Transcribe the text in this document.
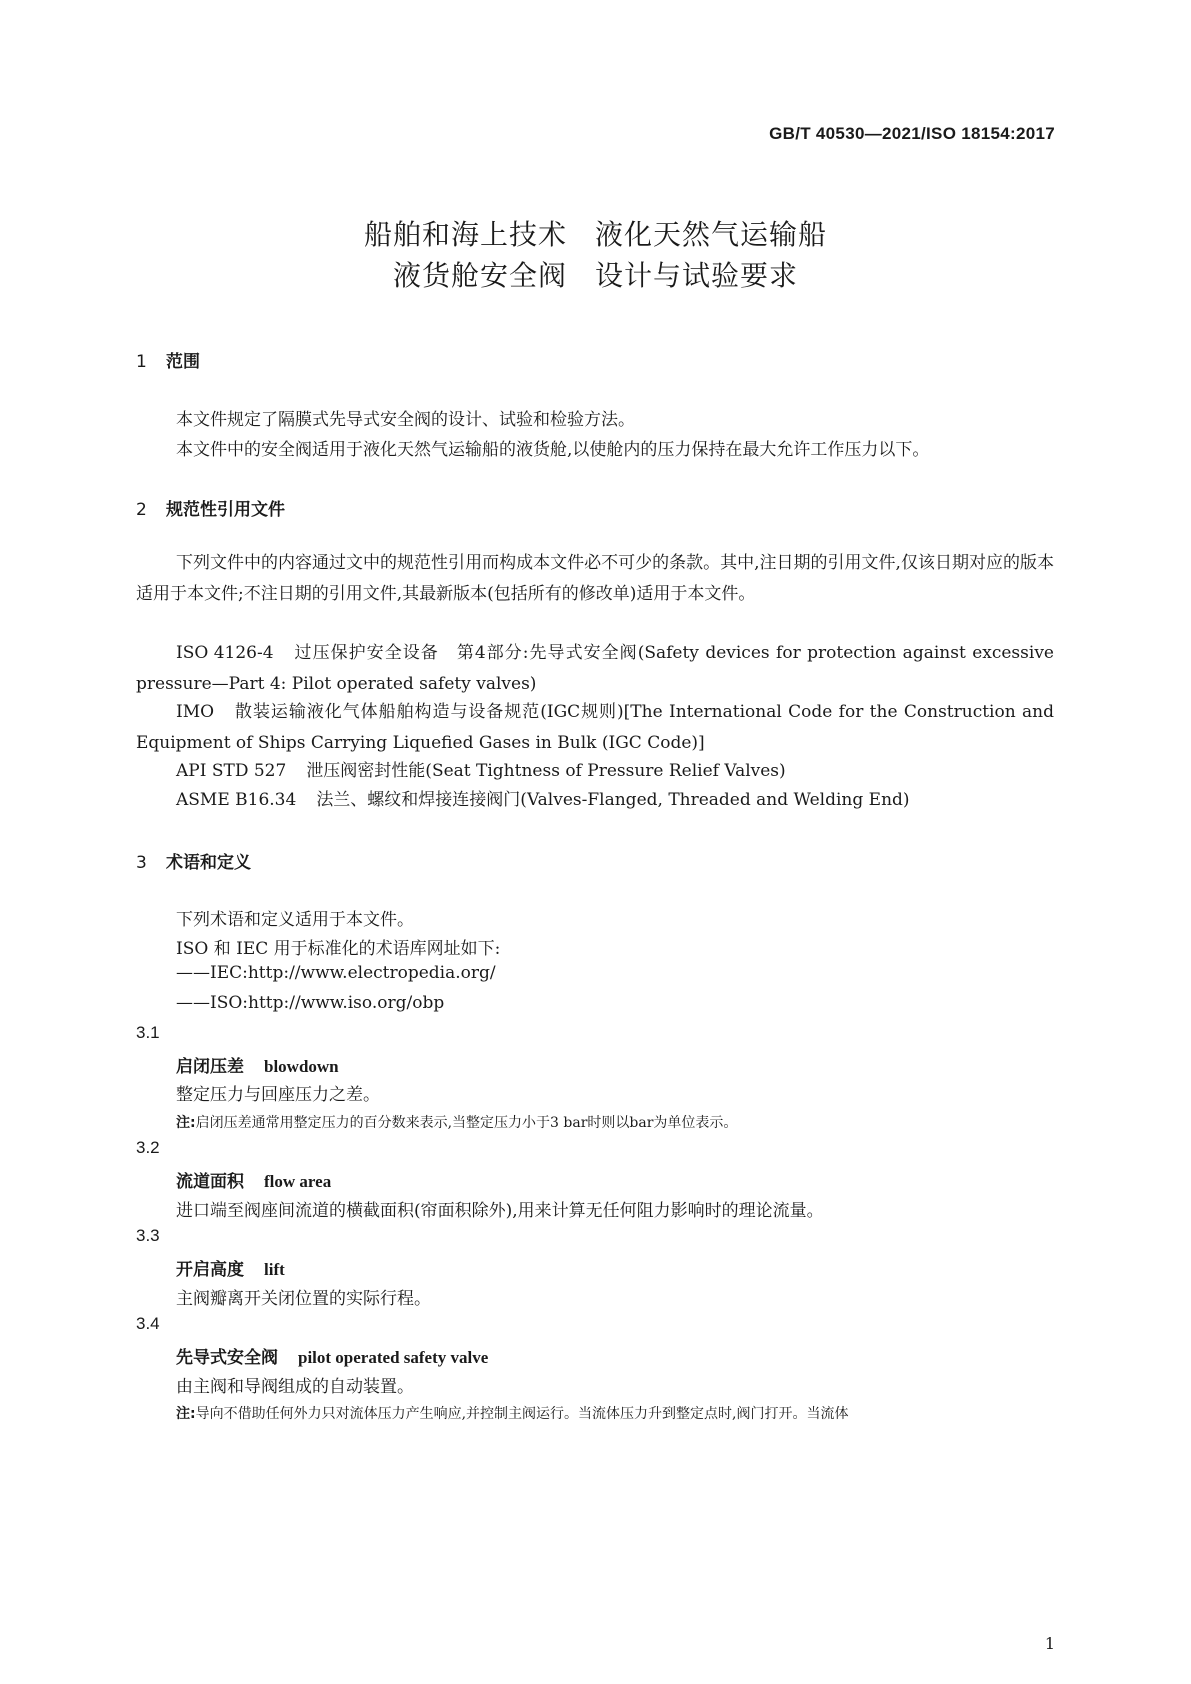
GB/T 40530—2021/ISO 18154:2017
船舶和海上技术 液化天然气运输船
液货舱安全阀 设计与试验要求
1 范围
本文件规定了隔膜式先导式安全阀的设计、试验和检验方法。
本文件中的安全阀适用于液化天然气运输船的液货舱,以使舱内的压力保持在最大允许工作压力以下。
2 规范性引用文件
下列文件中的内容通过文中的规范性引用而构成本文件必不可少的条款。其中,注日期的引用文件,仅该日期对应的版本适用于本文件;不注日期的引用文件,其最新版本(包括所有的修改单)适用于本文件。
ISO 4126-4 过压保护安全设备　第4部分:先导式安全阀(Safety devices for protection against excessive pressure—Part 4: Pilot operated safety valves)
IMO 散装运输液化气体船舶构造与设备规范(IGC规则)[The International Code for the Construction and Equipment of Ships Carrying Liquefied Gases in Bulk (IGC Code)]
API STD 527 泄压阀密封性能(Seat Tightness of Pressure Relief Valves)
ASME B16.34 法兰、螺纹和焊接连接阀门(Valves-Flanged, Threaded and Welding End)
3 术语和定义
下列术语和定义适用于本文件。
ISO 和 IEC 用于标准化的术语库网址如下:
——IEC:http://www.electropedia.org/
——ISO:http://www.iso.org/obp
3.1
启闭压差 blowdown
整定压力与回座压力之差。
注:启闭压差通常用整定压力的百分数来表示,当整定压力小于3 bar时则以bar为单位表示。
3.2
流道面积 flow area
进口端至阀座间流道的横截面积(帘面积除外),用来计算无任何阻力影响时的理论流量。
3.3
开启高度 lift
主阀瓣离开关闭位置的实际行程。
3.4
先导式安全阀 pilot operated safety valve
由主阀和导阀组成的自动装置。
注:导向不借助任何外力只对流体压力产生响应,并控制主阀运行。当流体压力升到整定点时,阀门打开。当流体
1
